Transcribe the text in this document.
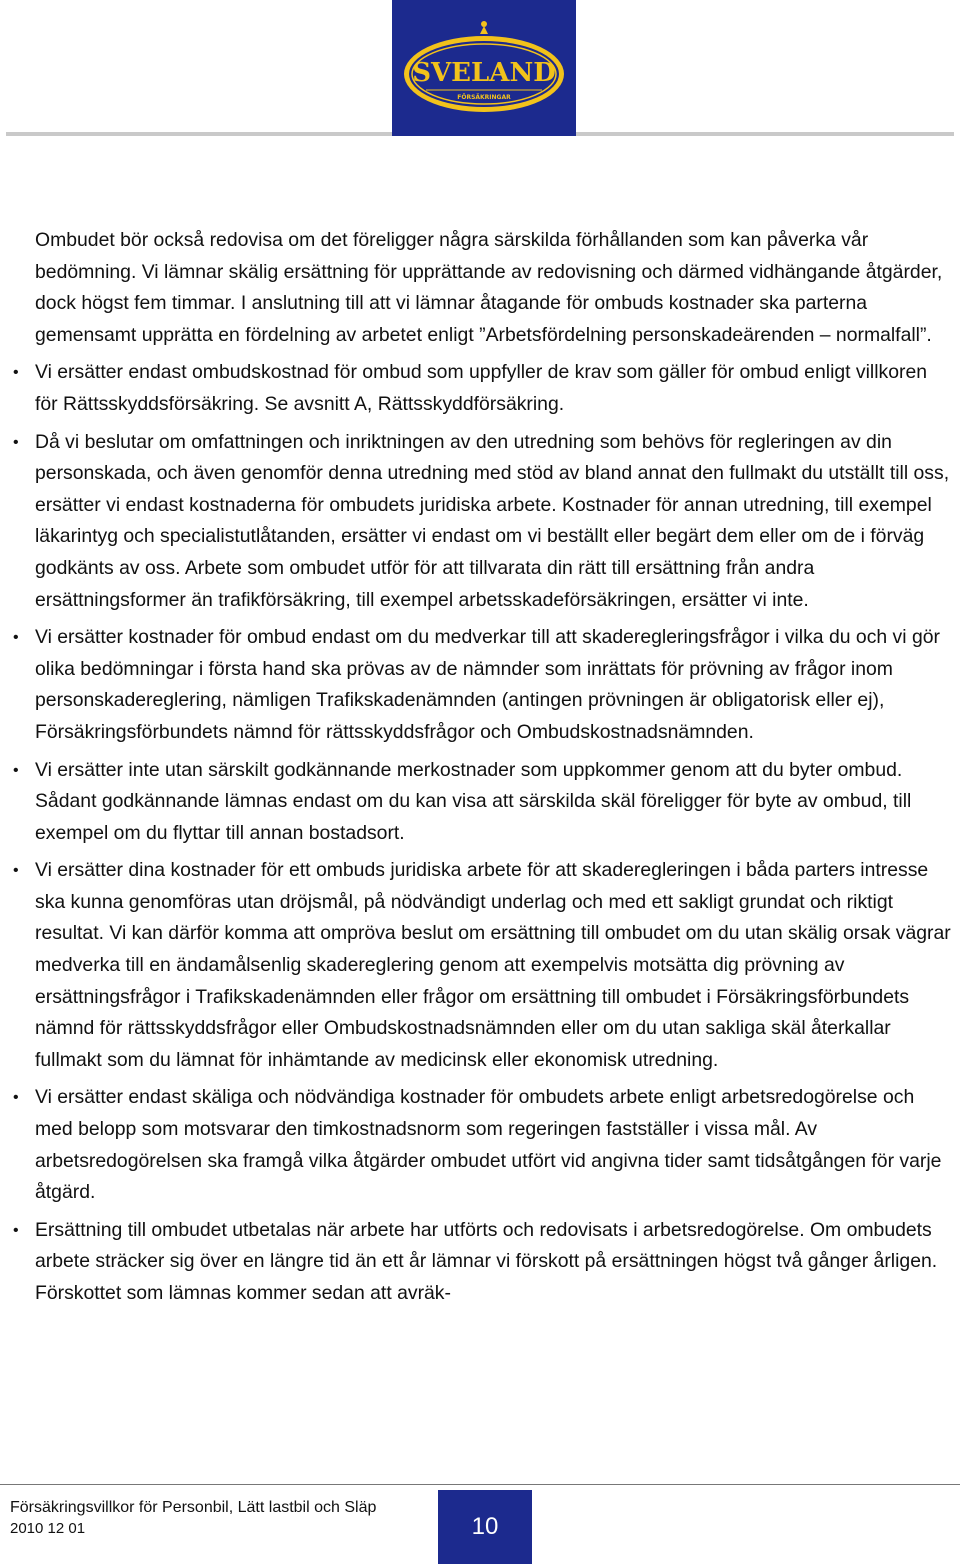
SVELAND
FÖRSÄKRINGAR

Ombudet bör också redovisa om det föreligger några särskilda förhållanden som kan påverka vår bedömning. Vi lämnar skälig ersättning för upprättande av redovisning och därmed vidhängande åtgärder, dock högst fem timmar. I anslutning till att vi lämnar åtagande för ombuds kostnader ska parterna gemensamt upprätta en fördelning av arbetet enligt ”Arbetsfördelning personskadeärenden – normalfall”.

• Vi ersätter endast ombudskostnad för ombud som uppfyller de krav som gäller för ombud enligt villkoren för Rättsskyddsförsäkring. Se avsnitt A, Rättsskyddförsäkring.
• Då vi beslutar om omfattningen och inriktningen av den utredning som behövs för regleringen av din personskada, och även genomför denna utredning med stöd av bland annat den fullmakt du utställt till oss, ersätter vi endast kostnaderna för ombudets juridiska arbete. Kostnader för annan utredning, till exempel läkarintyg och specialistutlåtanden, ersätter vi endast om vi beställt eller begärt dem eller om de i förväg godkänts av oss. Arbete som ombudet utför för att tillvarata din rätt till ersättning från andra ersättningsformer än trafikförsäkring, till exempel arbetsskadeförsäkringen, ersätter vi inte.
• Vi ersätter kostnader för ombud endast om du medverkar till att skaderegleringsfrågor i vilka du och vi gör olika bedömningar i första hand ska prövas av de nämnder som inrättats för prövning av frågor inom personskadereglering, nämligen Trafikskadenämnden (antingen prövningen är obligatorisk eller ej), Försäkringsförbundets nämnd för rättsskyddsfrågor och Ombudskostnadsnämnden.
• Vi ersätter inte utan särskilt godkännande merkostnader som uppkommer genom att du byter ombud. Sådant godkännande lämnas endast om du kan visa att särskilda skäl föreligger för byte av ombud, till exempel om du flyttar till annan bostadsort.
• Vi ersätter dina kostnader för ett ombuds juridiska arbete för att skaderegleringen i båda parters intresse ska kunna genomföras utan dröjsmål, på nödvändigt underlag och med ett sakligt grundat och riktigt resultat. Vi kan därför komma att ompröva beslut om ersättning till ombudet om du utan skälig orsak vägrar medverka till en ändamålsenlig skadereglering genom att exempelvis motsätta dig prövning av ersättningsfrågor i Trafikskadenämnden eller frågor om ersättning till ombudet i Försäkringsförbundets nämnd för rättsskyddsfrågor eller Ombudskostnadsnämnden eller om du utan sakliga skäl återkallar fullmakt som du lämnat för inhämtande av medicinsk eller ekonomisk utredning.
• Vi ersätter endast skäliga och nödvändiga kostnader för ombudets arbete enligt arbetsredogörelse och med belopp som motsvarar den timkostnadsnorm som regeringen fastställer i vissa mål. Av arbetsredogörelsen ska framgå vilka åtgärder ombudet utfört vid angivna tider samt tidsåtgången för varje åtgärd.
• Ersättning till ombudet utbetalas när arbete har utförts och redovisats i arbetsredogörelse. Om ombudets arbete sträcker sig över en längre tid än ett år lämnar vi förskott på ersättningen högst två gånger årligen. Förskottet som lämnas kommer sedan att avräk-
Försäkringsvillkor för Personbil, Lätt lastbil och Släp
2010 12 01	10
